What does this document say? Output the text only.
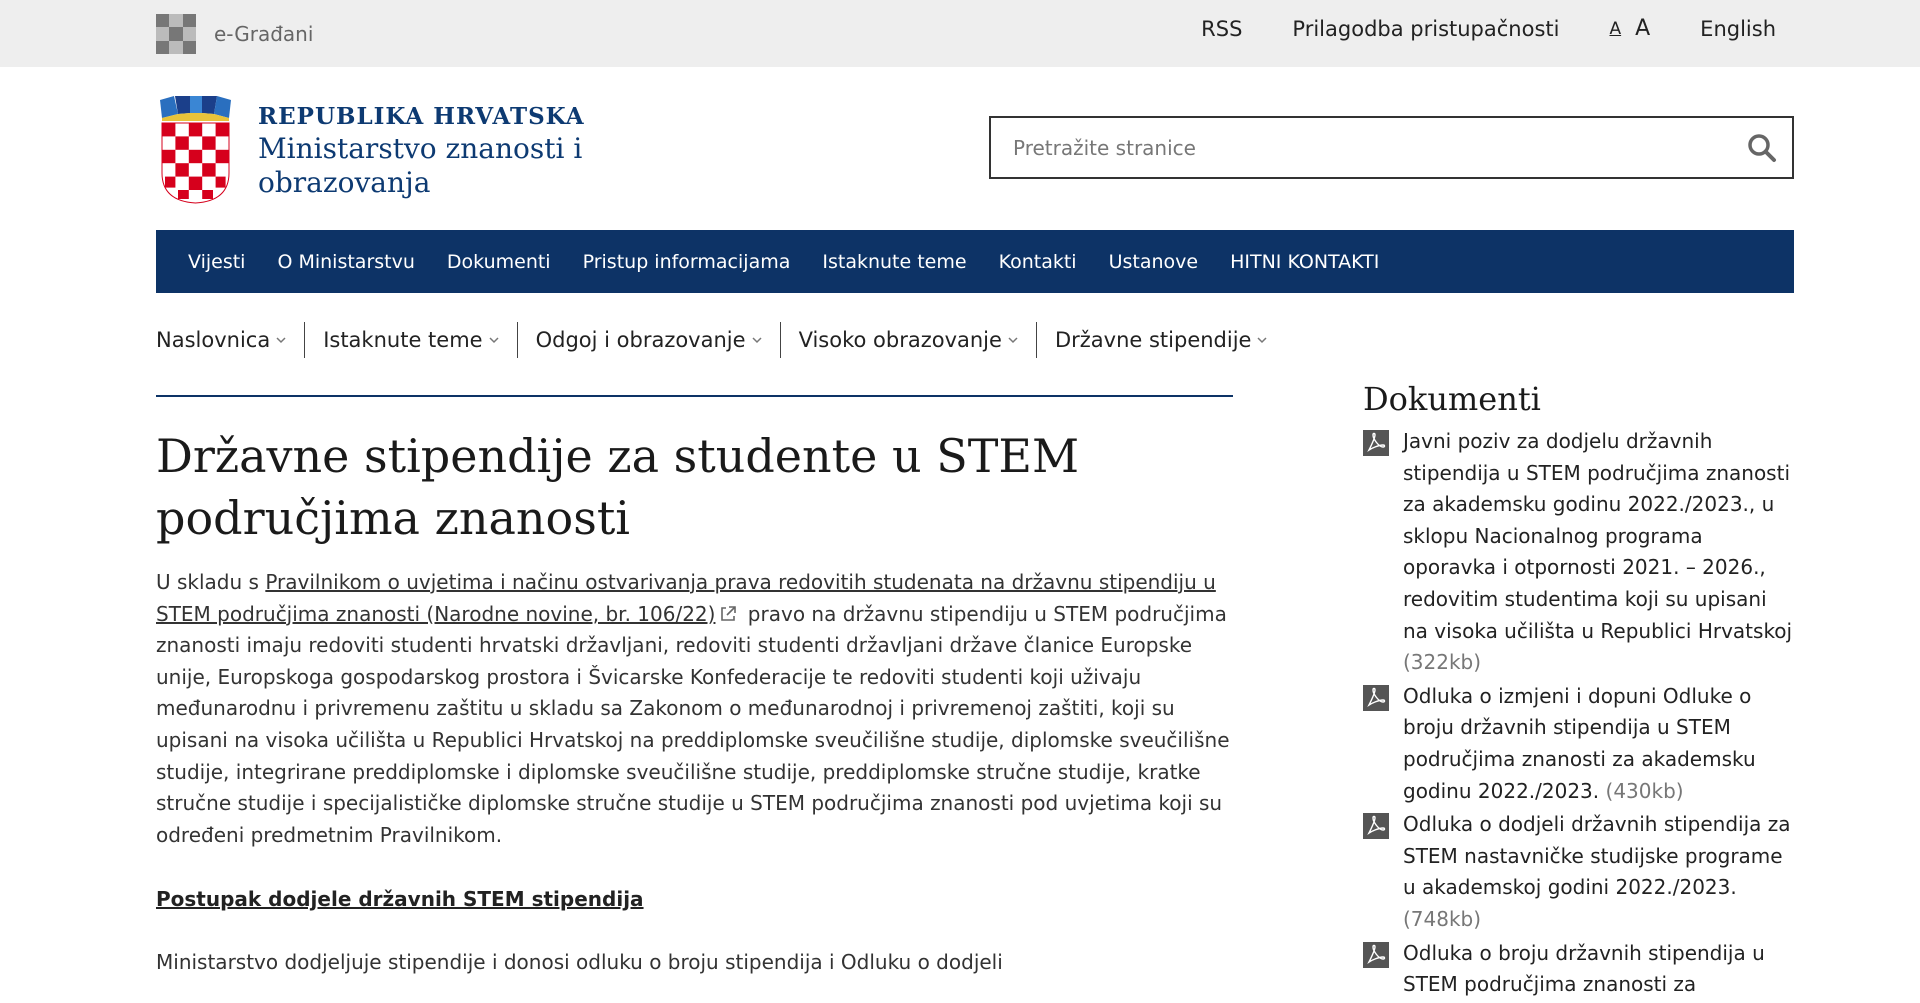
e-Građani	RSS Prilagodba pristupačnosti	A A English
REPUBLIKA HRVATSKA
Ministarstvo znanosti i obrazovanja
Pretražite stranice
Vijesti O Ministarstvu Dokumenti Pristup informacijama Istaknute teme Kontakti Ustanove HITNI KONTAKTI
Naslovnica	Istaknute teme	Odgoj i obrazovanje	Visoko obrazovanje	Državne stipendije
Državne stipendije za studente u STEM područjima znanosti

U skladu s Pravilnikom o uvjetima i načinu ostvarivanja prava redovitih studenata na državnu stipendiju u STEM područjima znanosti (Narodne novine, br. 106/22) pravo na državnu stipendiju u STEM područjima znanosti imaju redoviti studenti hrvatski državljani, redoviti studenti državljani države članice Europske unije, Europskoga gospodarskog prostora i Švicarske Konfederacije te redoviti studenti koji uživaju međunarodnu i privremenu zaštitu u skladu sa Zakonom o međunarodnoj i privremenoj zaštiti, koji su upisani na visoka učilišta u Republici Hrvatskoj na preddiplomske sveučilišne studije, diplomske sveučilišne studije, integrirane preddiplomske i diplomske sveučilišne studije, preddiplomske stručne studije, kratke stručne studije i specijalističke diplomske stručne studije u STEM područjima znanosti pod uvjetima koji su određeni predmetnim Pravilnikom.

Postupak dodjele državnih STEM stipendija
Ministarstvo dodjeljuje stipendije i donosi odluku o broju stipendija i Odluku o dodjeli
Dokumenti
Javni poziv za dodjelu državnih stipendija u STEM područjima znanosti za akademsku godinu 2022./2023., u sklopu Nacionalnog programa oporavka i otpornosti 2021. – 2026., redovitim studentima koji su upisani na visoka učilišta u Republici Hrvatskoj (322kb)
Odluka o izmjeni i dopuni Odluke o broju državnih stipendija u STEM područjima znanosti za akademsku godinu 2022./2023. (430kb)
Odluka o dodjeli državnih stipendija za STEM nastavničke studijske programe u akademskoj godini 2022./2023. (748kb)
Odluka o broju državnih stipendija u STEM područjima znanosti za
